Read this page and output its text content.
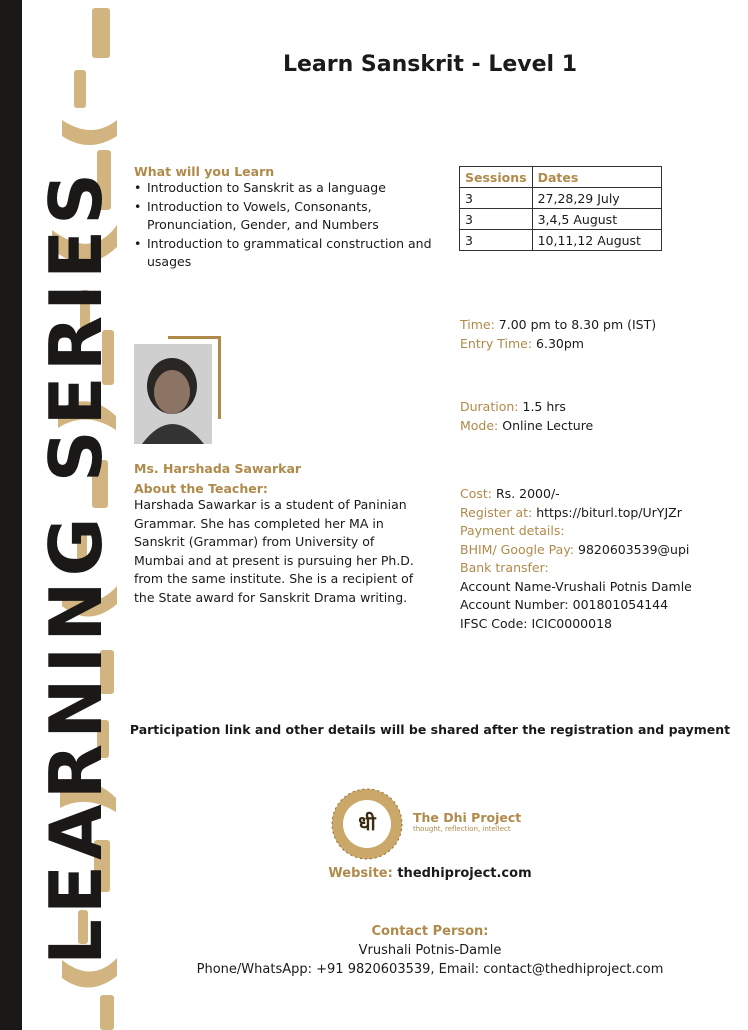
LEARNING SERIES
Learn Sanskrit - Level 1
What will you Learn
• Introduction to Sanskrit as a language
• Introduction to Vowels, Consonants, Pronunciation, Gender, and Numbers
• Introduction to grammatical construction and usages
Sessions	Dates
3	27,28,29 July
3	3,4,5 August
3	10,11,12 August
Time: 7.00 pm to 8.30 pm (IST)
Entry Time: 6.30pm
Duration: 1.5 hrs
Mode: Online Lecture
Ms. Harshada Sawarkar
About the Teacher:
Harshada Sawarkar is a student of Paninian Grammar. She has completed her MA in Sanskrit (Grammar) from University of Mumbai and at present is pursuing her Ph.D. from the same institute. She is a recipient of the State award for Sanskrit Drama writing.
Cost: Rs. 2000/-
Register at: https://biturl.top/UrYJZr
Payment details:
BHIM/ Google Pay: 9820603539@upi
Bank transfer:
Account Name-Vrushali Potnis Damle
Account Number: 001801054144
IFSC Code: ICIC0000018
Participation link and other details will be shared after the registration and payment
धी	The Dhi Project
thought, reflection, intellect
Website: thedhiproject.com
Contact Person:
Vrushali Potnis-Damle
Phone/WhatsApp: +91 9820603539, Email: contact@thedhiproject.com
